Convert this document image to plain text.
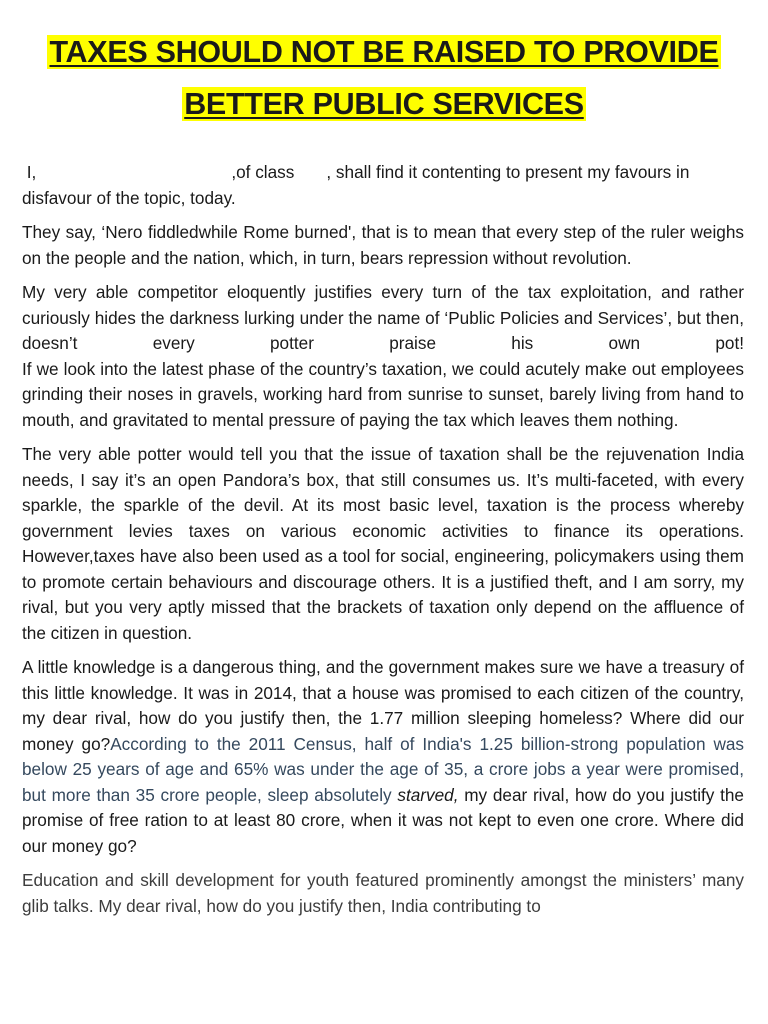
TAXES SHOULD NOT BE RAISED TO PROVIDE
BETTER PUBLIC SERVICES

I,	,of class , shall find it contenting to present my favours in
disfavour of the topic, today.

They say, ‘Nero fiddledwhile Rome burned', that is to mean that every step of the ruler weighs on the people and the nation, which, in turn, bears repression without revolution.

My very able competitor eloquently justifies every turn of the tax exploitation, and rather curiously hides the darkness lurking under the name of ‘Public Policies and Services’, but then, doesn’t every potter praise his own pot!
If we look into the latest phase of the country’s taxation, we could acutely make out employees grinding their noses in gravels, working hard from sunrise to sunset, barely living from hand to mouth, and gravitated to mental pressure of paying the tax which leaves them nothing.

The very able potter would tell you that the issue of taxation shall be the rejuvenation India needs, I say it’s an open Pandora’s box, that still consumes us. It’s multi-faceted, with every sparkle, the sparkle of the devil. At its most basic level, taxation is the process whereby government levies taxes on various economic activities to finance its operations. However,taxes have also been used as a tool for social, engineering, policymakers using them to promote certain behaviours and discourage others. It is a justified theft, and I am sorry, my rival, but you very aptly missed that the brackets of taxation only depend on the affluence of the citizen in question.

A little knowledge is a dangerous thing, and the government makes sure we have a treasury of this little knowledge. It was in 2014, that a house was promised to each citizen of the country, my dear rival, how do you justify then, the 1.77 million sleeping homeless? Where did our money go?According to the 2011 Census, half of India's 1.25 billion-strong population was below 25 years of age and 65% was under the age of 35, a crore jobs a year were promised, but more than 35 crore people, sleep absolutely starved, my dear rival, how do you justify the promise of free ration to at least 80 crore, when it was not kept to even one crore. Where did our money go?

Education and skill development for youth featured prominently amongst the ministers’ many glib talks. My dear rival, how do you justify then, India contributing to
